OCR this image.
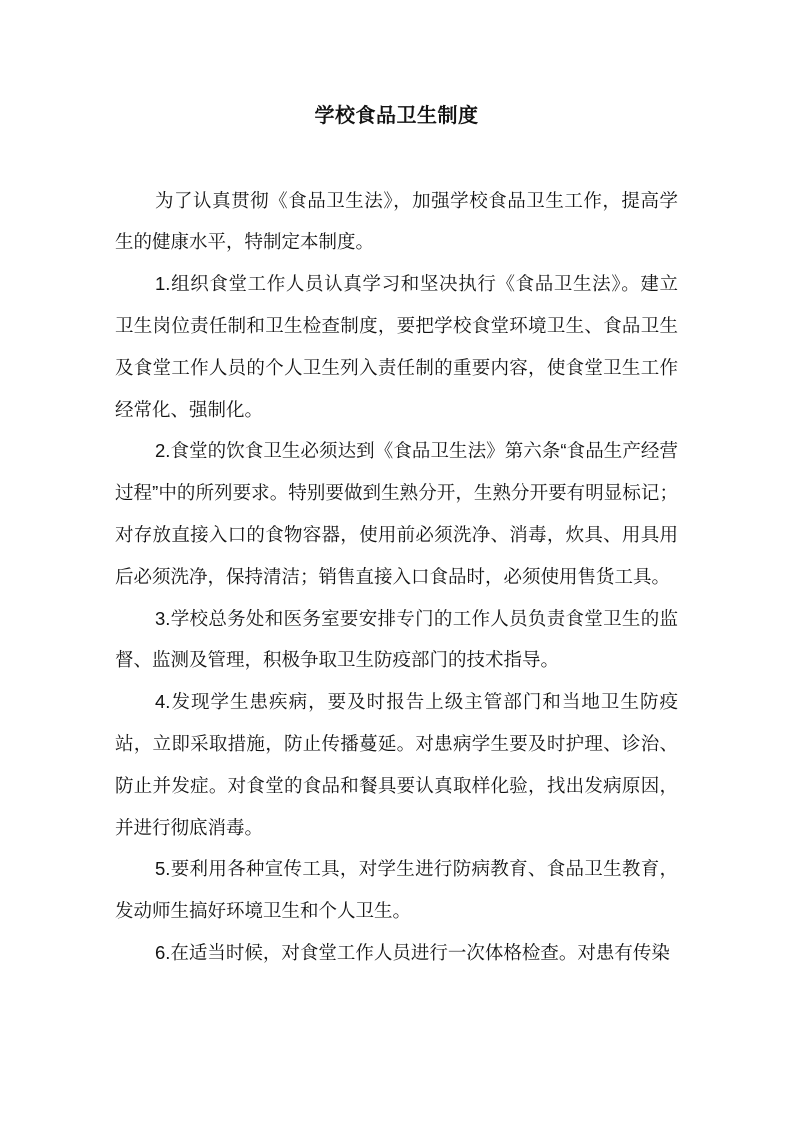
学校食品卫生制度

为了认真贯彻《食品卫生法》，加强学校食品卫生工作，提高学生的健康水平，特制定本制度。

1.组织食堂工作人员认真学习和坚决执行《食品卫生法》。建立卫生岗位责任制和卫生检查制度，要把学校食堂环境卫生、食品卫生及食堂工作人员的个人卫生列入责任制的重要内容，使食堂卫生工作经常化、强制化。

2.食堂的饮食卫生必须达到《食品卫生法》第六条“食品生产经营过程”中的所列要求。特别要做到生熟分开，生熟分开要有明显标记；对存放直接入口的食物容器，使用前必须洗净、消毒，炊具、用具用后必须洗净，保持清洁；销售直接入口食品时，必须使用售货工具。

3.学校总务处和医务室要安排专门的工作人员负责食堂卫生的监督、监测及管理，积极争取卫生防疫部门的技术指导。

4.发现学生患疾病，要及时报告上级主管部门和当地卫生防疫站，立即采取措施，防止传播蔓延。对患病学生要及时护理、诊治、防止并发症。对食堂的食品和餐具要认真取样化验，找出发病原因，并进行彻底消毒。

5.要利用各种宣传工具，对学生进行防病教育、食品卫生教育，发动师生搞好环境卫生和个人卫生。

6.在适当时候，对食堂工作人员进行一次体格检查。对患有传染
